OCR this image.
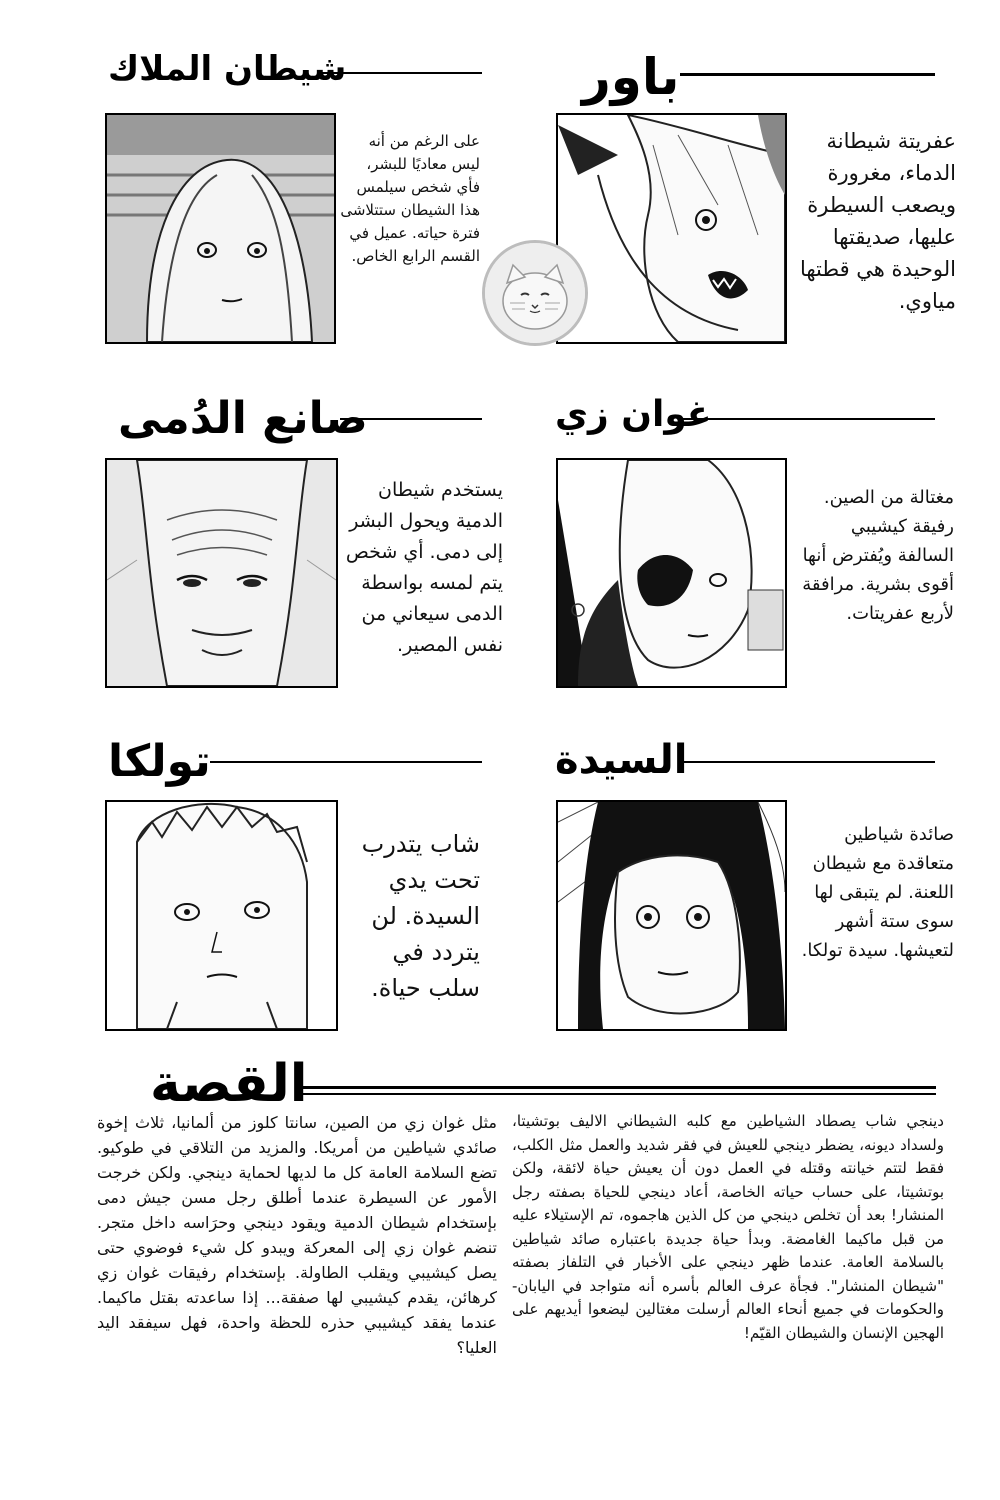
باور
عفريتة شيطانة الدماء، مغرورة ويصعب السيطرة عليها، صديقتها الوحيدة هي قطتها مياوي.
شيطان الملاك
على الرغم من أنه ليس معاديًا للبشر، فأي شخص سيلمس هذا الشيطان ستتلاشى فترة حياته. عميل في القسم الرابع الخاص.
غوان زي
مغتالة من الصين. رفيقة كيشيبي السالفة ويُفترض أنها أقوى بشرية. مرافقة لأربع عفريتات.
صانع الدُمى
يستخدم شيطان الدمية ويحول البشر إلى دمى. أي شخص يتم لمسه بواسطة الدمى سيعاني من نفس المصير.
السيدة
صائدة شياطين متعاقدة مع شيطان اللعنة. لم يتبقى لها سوى ستة أشهر لتعيشها. سيدة تولكا.
تولكا
شاب يتدرب تحت يدي السيدة. لن يتردد في سلب حياة.
القصة
دينجي شاب يصطاد الشياطين مع كلبه الشيطاني الاليف بوتشيتا، ولسداد ديونه، يضطر دينجي للعيش في فقر شديد والعمل مثل الكلب، فقط لتتم خيانته وقتله في العمل دون أن يعيش حياة لائقة، ولكن بوتشيتا، على حساب حياته الخاصة، أعاد دينجي للحياة بصفته رجل المنشار! بعد أن تخلص دينجي من كل الذين هاجموه، تم الإستيلاء عليه من قبل ماكيما الغامضة. وبدأ حياة جديدة باعتباره صائد شياطين بالسلامة العامة. عندما ظهر دينجي على الأخبار في التلفاز بصفته "شيطان المنشار". فجأة عرف العالم بأسره أنه متواجد في اليابان- والحكومات في جميع أنحاء العالم أرسلت مغتالين ليضعوا أيديهم على الهجين الإنسان والشيطان القيّم!
مثل غوان زي من الصين، سانتا كلوز من ألمانيا، ثلاث إخوة صائدي شياطين من أمريكا. والمزيد من التلاقي في طوكيو. تضع السلامة العامة كل ما لديها لحماية دينجي. ولكن خرجت الأمور عن السيطرة عندما أطلق رجل مسن جيش دمى بإستخدام شيطان الدمية ويقود دينجي وحرَاسه داخل متجر. تنضم غوان زي إلى المعركة ويبدو كل شيء فوضوي حتى يصل كيشيبي ويقلب الطاولة. بإستخدام رفيقات غوان زي كرهائن، يقدم كيشيبي لها صفقة... إذا ساعدته بقتل ماكيما. عندما يفقد كيشيبي حذره للحظة واحدة، فهل سيفقد اليد العليا؟
